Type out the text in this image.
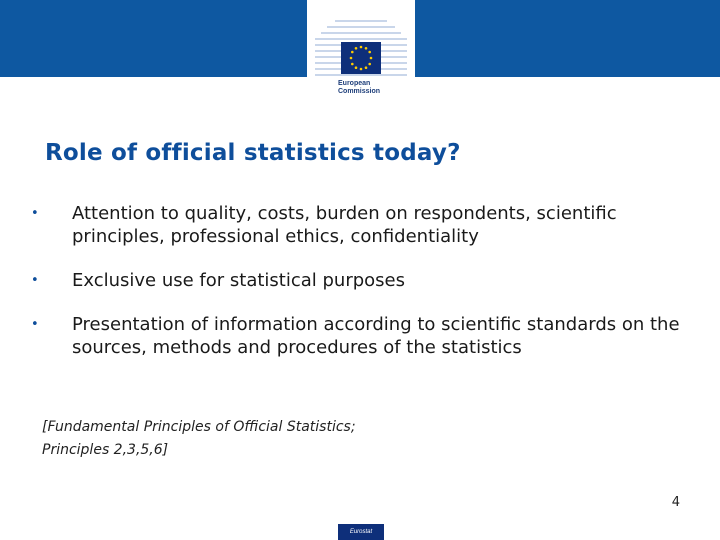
European
Commission
Role of official statistics today?
• Attention to quality, costs, burden on respondents, scientific principles, professional ethics, confidentiality
• Exclusive use for statistical purposes
• Presentation of information according to scientific standards on the sources, methods and procedures of the statistics
[Fundamental Principles of Official Statistics;
Principles 2,3,5,6]
4
Eurostat
